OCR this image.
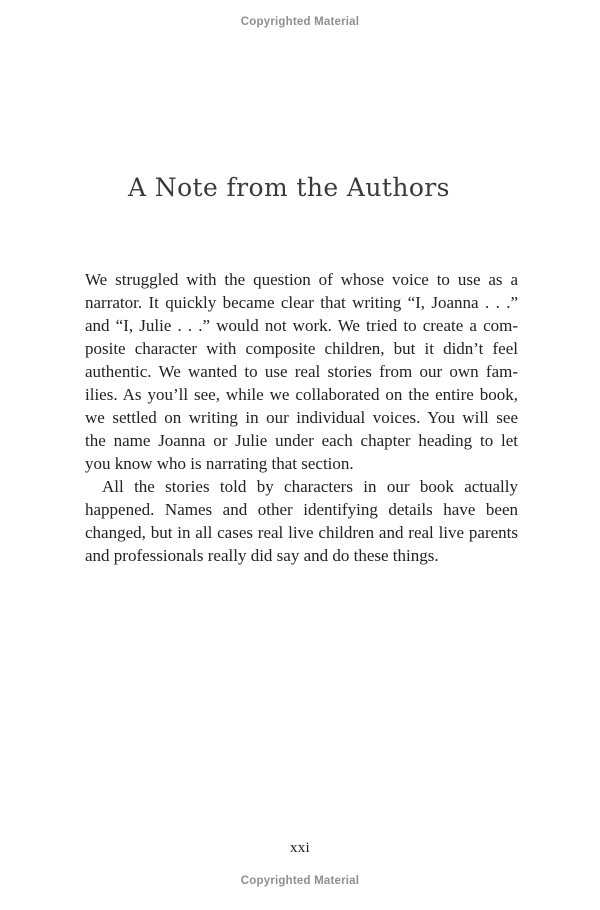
Copyrighted Material
A Note from the Authors
We struggled with the question of whose voice to use as a
narrator. It quickly became clear that writing “I, Joanna . . .”
and “I, Julie . . .” would not work. We tried to create a com-
posite character with composite children, but it didn’t feel
authentic. We wanted to use real stories from our own fam-
ilies. As you’ll see, while we collaborated on the entire book,
we settled on writing in our individual voices. You will see
the name Joanna or Julie under each chapter heading to let
you know who is narrating that section.
All the stories told by characters in our book actually
happened. Names and other identifying details have been
changed, but in all cases real live children and real live parents
and professionals really did say and do these things.
xxi
Copyrighted Material
